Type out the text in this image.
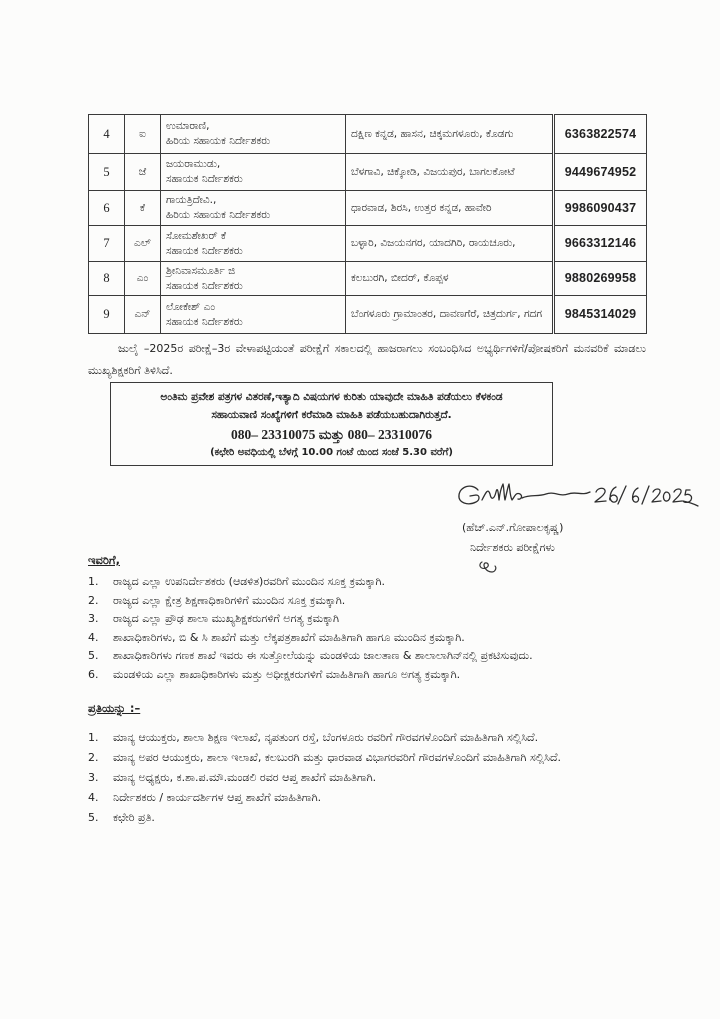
4	ಐ	ಉಮಾರಾಣಿ,
ಹಿರಿಯ ಸಹಾಯಕ ನಿರ್ದೇಶಕರು	ದಕ್ಷಿಣ ಕನ್ನಡ, ಹಾಸನ, ಚಿಕ್ಕಮಗಳೂರು, ಕೊಡಗು	6363822574
5	ಜೆ	ಜಯರಾಮುಡು,
ಸಹಾಯಕ ನಿರ್ದೇಶಕರು	ಬೆಳಗಾವಿ, ಚಿಕ್ಕೋಡಿ, ವಿಜಯಪುರ, ಬಾಗಲಕೋಟೆ	9449674952
6	ಕೆ	ಗಾಯತ್ರಿದೇವಿ.,
ಹಿರಿಯ ಸಹಾಯಕ ನಿರ್ದೇಶಕರು	ಧಾರವಾಡ, ಶಿರಸಿ, ಉತ್ತರ ಕನ್ನಡ, ಹಾವೇರಿ	9986090437
7	ಎಲ್	ಸೋಮಶೇಖರ್ ಕೆ
ಸಹಾಯಕ ನಿರ್ದೇಶಕರು	ಬಳ್ಳಾರಿ, ವಿಜಯನಗರ, ಯಾದಗಿರಿ, ರಾಯಚೂರು,	9663312146
8	ಎಂ	ಶ್ರೀನಿವಾಸಮೂರ್ತಿ ಜಿ
ಸಹಾಯಕ ನಿರ್ದೇಶಕರು	ಕಲಬುರಗಿ, ಬೀದರ್, ಕೊಪ್ಪಳ	9880269958
9	ಎನ್	ಲೋಕೇಶ್ ಎಂ
ಸಹಾಯಕ ನಿರ್ದೇಶಕರು	ಬೆಂಗಳೂರು ಗ್ರಾಮಾಂತರ, ದಾವಣಗೆರೆ, ಚಿತ್ರದುರ್ಗ, ಗದಗ	9845314029

ಜುಲೈ –2025ರ ಪರೀಕ್ಷೆ–3ರ ವೇಳಾಪಟ್ಟಿಯಂತೆ ಪರೀಕ್ಷೆಗೆ ಸಕಾಲದಲ್ಲಿ ಹಾಜರಾಗಲು ಸಂಬಂಧಿಸಿದ ಅಭ್ಯರ್ಥಿಗಳಿಗೆ/ಪೋಷಕರಿಗೆ ಮನವರಿಕೆ ಮಾಡಲು ಮುಖ್ಯಶಿಕ್ಷಕರಿಗೆ ತಿಳಿಸಿದೆ.

ಅಂತಿಮ ಪ್ರವೇಶ ಪತ್ರಗಳ ವಿತರಣೆ,ಇತ್ಯಾದಿ ವಿಷಯಗಳ ಕುರಿತು ಯಾವುದೇ ಮಾಹಿತಿ ಪಡೆಯಲು ಕೆಳಕಂಡ
ಸಹಾಯವಾಣಿ ಸಂಖ್ಯೆಗಳಿಗೆ ಕರೆಮಾಡಿ ಮಾಹಿತಿ ಪಡೆಯಬಹುದಾಗಿರುತ್ತದೆ.
080– 23310075 ಮತ್ತು 080– 23310076
(ಕಛೇರಿ ಅವಧಿಯಲ್ಲಿ ಬೆಳಗ್ಗೆ 10.00 ಗಂಟೆ ಯಿಂದ ಸಂಜೆ 5.30 ವರೆಗೆ)
(ಹೆಚ್.ಎನ್.ಗೋಪಾಲಕೃಷ್ಣ)
ನಿರ್ದೇಶಕರು ಪರೀಕ್ಷೆಗಳು
ಇವರಿಗೆ,
1.	ರಾಜ್ಯದ ಎಲ್ಲಾ ಉಪನಿರ್ದೇಶಕರು (ಆಡಳಿತ)ರವರಿಗೆ ಮುಂದಿನ ಸೂಕ್ತ ಕ್ರಮಕ್ಕಾಗಿ.
2.	ರಾಜ್ಯದ ಎಲ್ಲಾ ಕ್ಷೇತ್ರ ಶಿಕ್ಷಣಾಧಿಕಾರಿಗಳಿಗೆ ಮುಂದಿನ ಸೂಕ್ತ ಕ್ರಮಕ್ಕಾಗಿ.
3.	ರಾಜ್ಯದ ಎಲ್ಲಾ ಪ್ರೌಢ ಶಾಲಾ ಮುಖ್ಯಶಿಕ್ಷಕರುಗಳಿಗೆ ಅಗತ್ಯ ಕ್ರಮಕ್ಕಾಗಿ
4.	ಶಾಖಾಧಿಕಾರಿಗಳು, ಬಿ & ಸಿ ಶಾಖೆಗೆ ಮತ್ತು ಲೆಕ್ಕಪತ್ರಶಾಖೆಗೆ ಮಾಹಿತಿಗಾಗಿ ಹಾಗೂ ಮುಂದಿನ ಕ್ರಮಕ್ಕಾಗಿ.
5.	ಶಾಖಾಧಿಕಾರಿಗಳು ಗಣಕ ಶಾಖೆ ಇವರು ಈ ಸುತ್ತೋಲೆಯನ್ನು ಮಂಡಳಿಯ ಜಾಲತಾಣ & ಶಾಲಾಲಾಗಿನ್‌ನಲ್ಲಿ ಪ್ರಕಟಿಸುವುದು.
6.	ಮಂಡಳಿಯ ಎಲ್ಲಾ ಶಾಖಾಧಿಕಾರಿಗಳು ಮತ್ತು ಅಧೀಕ್ಷಕರುಗಳಿಗೆ ಮಾಹಿತಿಗಾಗಿ ಹಾಗೂ ಅಗತ್ಯ ಕ್ರಮಕ್ಕಾಗಿ.
ಪ್ರತಿಯನ್ನು :–
1.	ಮಾನ್ಯ ಆಯುಕ್ತರು, ಶಾಲಾ ಶಿಕ್ಷಣ ಇಲಾಖೆ, ನೃಪತುಂಗ ರಸ್ತೆ, ಬೆಂಗಳೂರು ರವರಿಗೆ ಗೌರವಗಳೊಂದಿಗೆ ಮಾಹಿತಿಗಾಗಿ ಸಲ್ಲಿಸಿದೆ.
2.	ಮಾನ್ಯ ಅಪರ ಆಯುಕ್ತರು, ಶಾಲಾ ಇಲಾಖೆ, ಕಲಬುರಗಿ ಮತ್ತು ಧಾರವಾಡ ವಿಭಾಗರವರಿಗೆ ಗೌರವಗಳೊಂದಿಗೆ ಮಾಹಿತಿಗಾಗಿ ಸಲ್ಲಿಸಿದೆ.
3.	ಮಾನ್ಯ ಅಧ್ಯಕ್ಷರು, ಕ.ಶಾ.ಪ.ಮೌ.ಮಂಡಲಿ ರವರ ಆಪ್ತ ಶಾಖೆಗೆ ಮಾಹಿತಿಗಾಗಿ.
4.	ನಿರ್ದೇಶಕರು / ಕಾರ್ಯದರ್ಶಿಗಳ ಆಪ್ತ ಶಾಖೆಗೆ ಮಾಹಿತಿಗಾಗಿ.
5.	ಕಛೇರಿ ಪ್ರತಿ.
